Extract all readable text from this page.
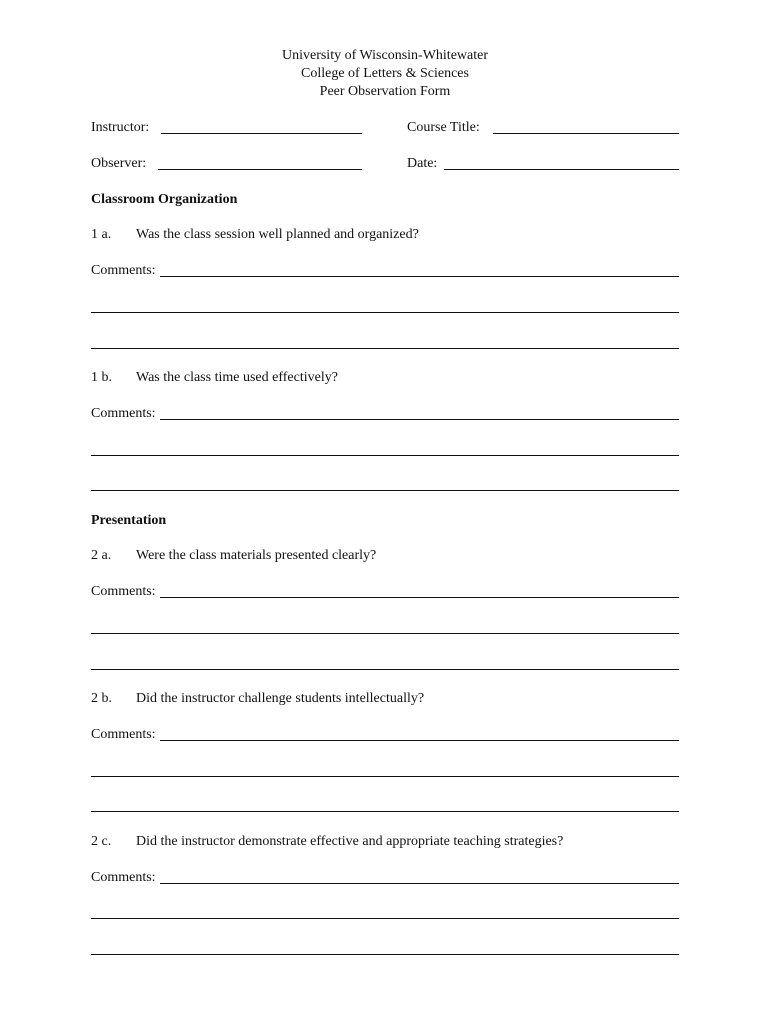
University of Wisconsin-Whitewater
College of Letters & Sciences
Peer Observation Form
Instructor:	Course Title:
Observer:	Date:
Classroom Organization
1 a. Was the class session well planned and organized?
Comments:
1 b. Was the class time used effectively?
Comments:
Presentation
2 a. Were the class materials presented clearly?
Comments:
2 b. Did the instructor challenge students intellectually?
Comments:
2 c. Did the instructor demonstrate effective and appropriate teaching strategies?
Comments:
